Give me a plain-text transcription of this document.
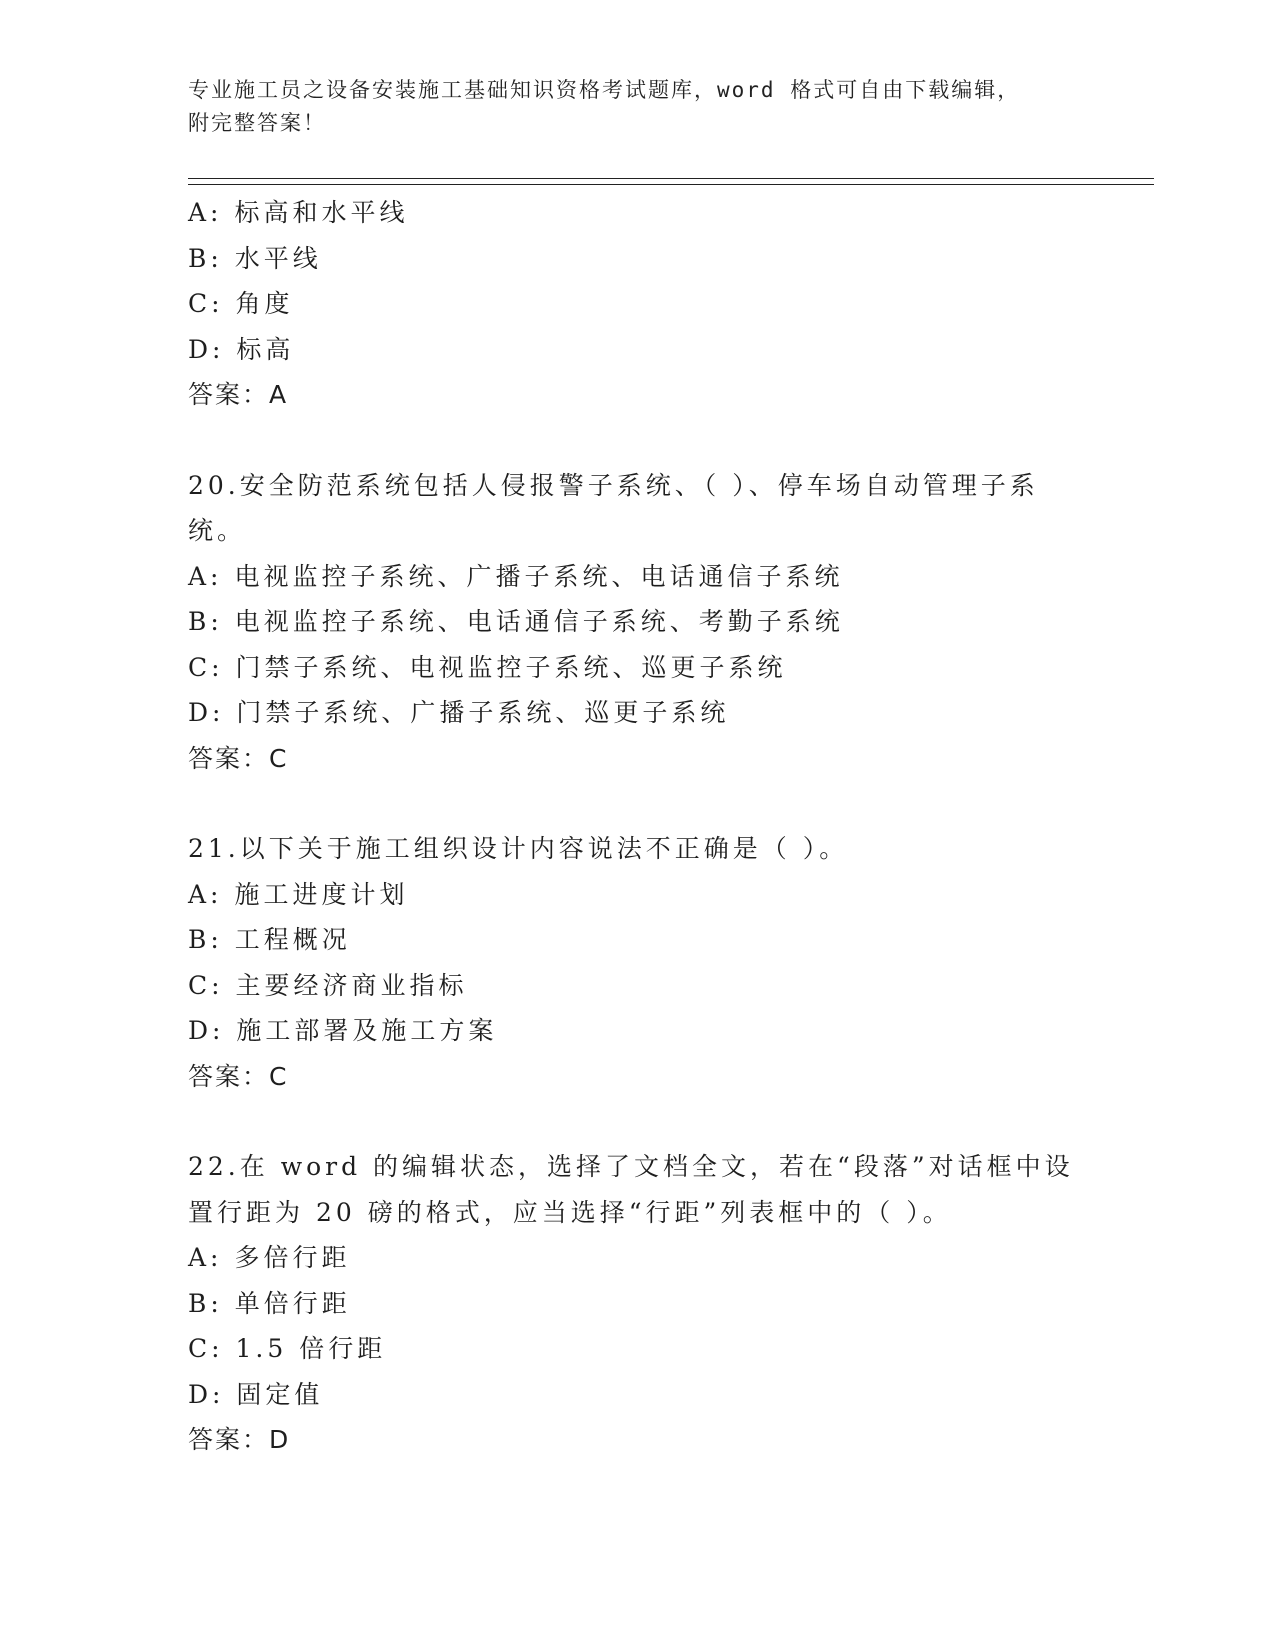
专业施工员之设备安装施工基础知识资格考试题库，word 格式可自由下载编辑，
附完整答案！
A: 标高和水平线
B: 水平线
C: 角度
D: 标高
答案：A
20.安全防范系统包括人侵报警子系统、（ ）、停车场自动管理子系
统。
A: 电视监控子系统、广播子系统、电话通信子系统
B: 电视监控子系统、电话通信子系统、考勤子系统
C: 门禁子系统、电视监控子系统、巡更子系统
D: 门禁子系统、广播子系统、巡更子系统
答案：C
21.以下关于施工组织设计内容说法不正确是（ ）。
A: 施工进度计划
B: 工程概况
C: 主要经济商业指标
D: 施工部署及施工方案
答案：C
22.在 word 的编辑状态，选择了文档全文，若在“段落”对话框中设
置行距为 20 磅的格式，应当选择“行距”列表框中的（ ）。
A: 多倍行距
B: 单倍行距
C: 1.5 倍行距
D: 固定值
答案：D
